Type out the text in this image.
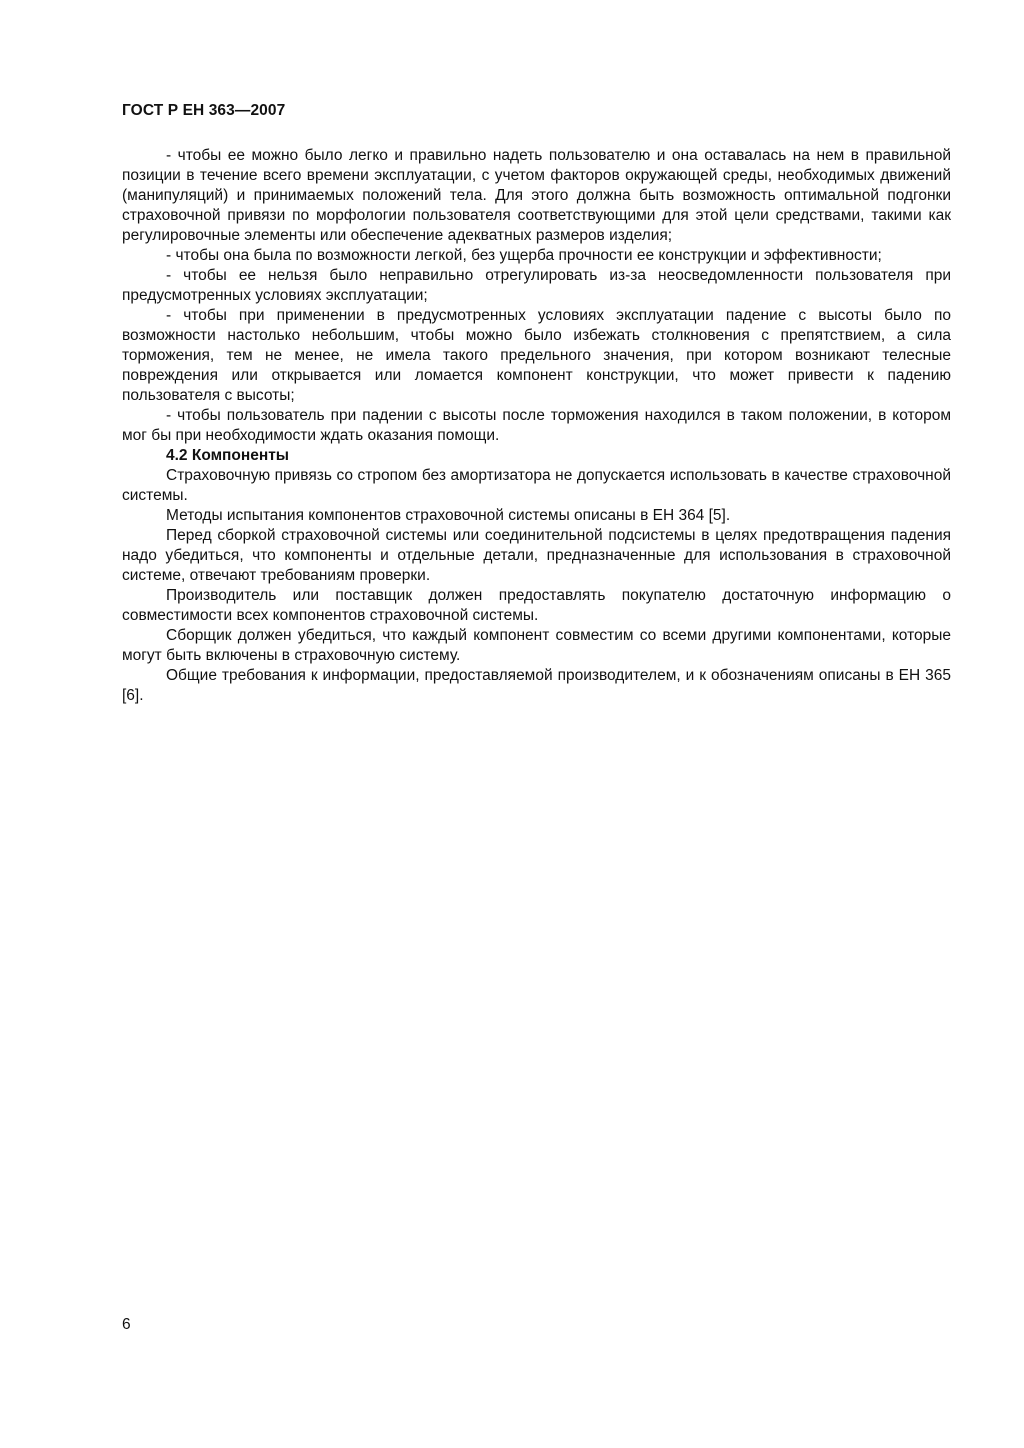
ГОСТ Р ЕН 363—2007

- чтобы ее можно было легко и правильно надеть пользователю и она оставалась на нем в правильной позиции в течение всего времени эксплуатации, с учетом факторов окружающей среды, необходимых движений (манипуляций) и принимаемых положений тела. Для этого должна быть возможность оптимальной подгонки страховочной привязи по морфологии пользователя соответствующими для этой цели средствами, такими как регулировочные элементы или обеспечение адекватных размеров изделия;

- чтобы она была по возможности легкой, без ущерба прочности ее конструкции и эффективности;

- чтобы ее нельзя было неправильно отрегулировать из-за неосведомленности пользователя при предусмотренных условиях эксплуатации;

- чтобы при применении в предусмотренных условиях эксплуатации падение с высоты было по возможности настолько небольшим, чтобы можно было избежать столкновения с препятствием, а сила торможения, тем не менее, не имела такого предельного значения, при котором возникают телесные повреждения или открывается или ломается компонент конструкции, что может привести к падению пользователя с высоты;

- чтобы пользователь при падении с высоты после торможения находился в таком положении, в котором мог бы при необходимости ждать оказания помощи.

4.2 Компоненты

Страховочную привязь со стропом без амортизатора не допускается использовать в качестве страховочной системы.

Методы испытания компонентов страховочной системы описаны в ЕН 364 [5].

Перед сборкой страховочной системы или соединительной подсистемы в целях предотвращения падения надо убедиться, что компоненты и отдельные детали, предназначенные для использования в страховочной системе, отвечают требованиям проверки.

Производитель или поставщик должен предоставлять покупателю достаточную информацию о совместимости всех компонентов страховочной системы.

Сборщик должен убедиться, что каждый компонент совместим со всеми другими компонентами, которые могут быть включены в страховочную систему.

Общие требования к информации, предоставляемой производителем, и к обозначениям описаны в ЕН 365 [6].

6
